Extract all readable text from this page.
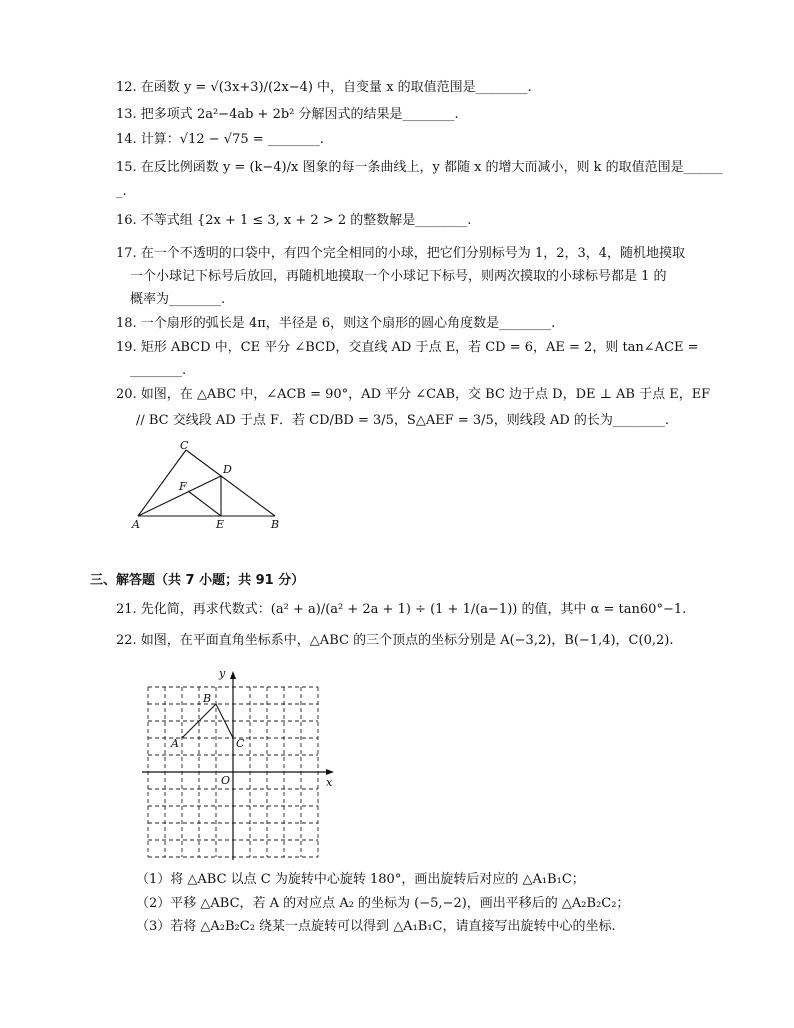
12. 在函数 y = √(3x+3)/(2x−4) 中，自变量 x 的取值范围是________.
13. 把多项式 2a²−4ab + 2b² 分解因式的结果是________.
14. 计算：√12 − √75 = ________.
15. 在反比例函数 y = (k−4)/x 图象的每一条曲线上，y 都随 x 的增大而减小，则 k 的取值范围是______
_.
16. 不等式组 {2x + 1 ≤ 3, x + 2 > 2 的整数解是________.
17. 在一个不透明的口袋中，有四个完全相同的小球，把它们分别标号为 1，2，3，4，随机地摸取
一个小球记下标号后放回，再随机地摸取一个小球记下标号，则两次摸取的小球标号都是 1 的
概率为________.
18. 一个扇形的弧长是 4π，半径是 6，则这个扇形的圆心角度数是________.
19. 矩形 ABCD 中，CE 平分 ∠BCD，交直线 AD 于点 E，若 CD = 6，AE = 2，则 tan∠ACE =
________.
20. 如图，在 △ABC 中，∠ACB = 90°，AD 平分 ∠CAB，交 BC 边于点 D，DE ⊥ AB 于点 E，EF
// BC 交线段 AD 于点 F．若 CD/BD = 3/5，S△AEF = 3/5，则线段 AD 的长为________.
C
D
F
A	E	B
三、解答题（共 7 小题；共 91 分）
21. 先化简，再求代数式：(a² + a)/(a² + 2a + 1) ÷ (1 + 1/(a−1)) 的值，其中 α = tan60°−1.
22. 如图，在平面直角坐标系中，△ABC 的三个顶点的坐标分别是 A(−3,2)，B(−1,4)，C(0,2).
x
y
O
A
B
C
（1）将 △ABC 以点 C 为旋转中心旋转 180°，画出旋转后对应的 △A₁B₁C；
（2）平移 △ABC，若 A 的对应点 A₂ 的坐标为 (−5,−2)，画出平移后的 △A₂B₂C₂；
（3）若将 △A₂B₂C₂ 绕某一点旋转可以得到 △A₁B₁C，请直接写出旋转中心的坐标.
